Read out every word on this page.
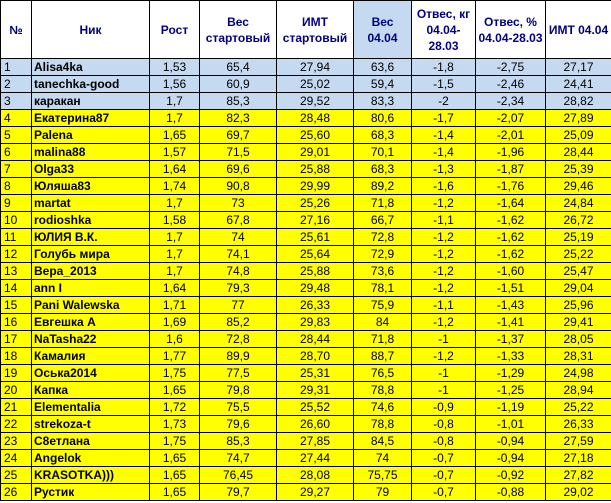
№	Ник	Рост	Вес стартовый	ИМТ стартовый	Вес 04.04	Отвес, кг 04.04-28.03	Отвес, % 04.04-28.03	ИМТ 04.04
1	Alisa4ka	1,53	65,4	27,94	63,6	-1,8	-2,75	27,17
2	tanechka-good	1,56	60,9	25,02	59,4	-1,5	-2,46	24,41
3	каракан	1,7	85,3	29,52	83,3	-2	-2,34	28,82
4	Екатерина87	1,7	82,3	28,48	80,6	-1,7	-2,07	27,89
5	Palena	1,65	69,7	25,60	68,3	-1,4	-2,01	25,09
6	malina88	1,57	71,5	29,01	70,1	-1,4	-1,96	28,44
7	Olga33	1,64	69,6	25,88	68,3	-1,3	-1,87	25,39
8	Юляша83	1,74	90,8	29,99	89,2	-1,6	-1,76	29,46
9	martat	1,7	73	25,26	71,8	-1,2	-1,64	24,84
10	rodioshka	1,58	67,8	27,16	66,7	-1,1	-1,62	26,72
11	ЮЛИЯ В.К.	1,7	74	25,61	72,8	-1,2	-1,62	25,19
12	Голубь мира	1,7	74,1	25,64	72,9	-1,2	-1,62	25,22
13	Вера_2013	1,7	74,8	25,88	73,6	-1,2	-1,60	25,47
14	ann I	1,64	79,3	29,48	78,1	-1,2	-1,51	29,04
15	Pani Walewska	1,71	77	26,33	75,9	-1,1	-1,43	25,96
16	Евгешка А	1,69	85,2	29,83	84	-1,2	-1,41	29,41
17	NaTasha22	1,6	72,8	28,44	71,8	-1	-1,37	28,05
18	Камалия	1,77	89,9	28,70	88,7	-1,2	-1,33	28,31
19	Оська2014	1,75	77,5	25,31	76,5	-1	-1,29	24,98
20	Капка	1,65	79,8	29,31	78,8	-1	-1,25	28,94
21	Elementalia	1,72	75,5	25,52	74,6	-0,9	-1,19	25,22
22	strekoza-t	1,73	79,6	26,60	78,8	-0,8	-1,01	26,33
23	С8етлана	1,75	85,3	27,85	84,5	-0,8	-0,94	27,59
24	Angelok	1,65	74,7	27,44	74	-0,7	-0,94	27,18
25	KRASOTKA)))	1,65	76,45	28,08	75,75	-0,7	-0,92	27,82
26	Рустик	1,65	79,7	29,27	79	-0,7	-0,88	29,02
